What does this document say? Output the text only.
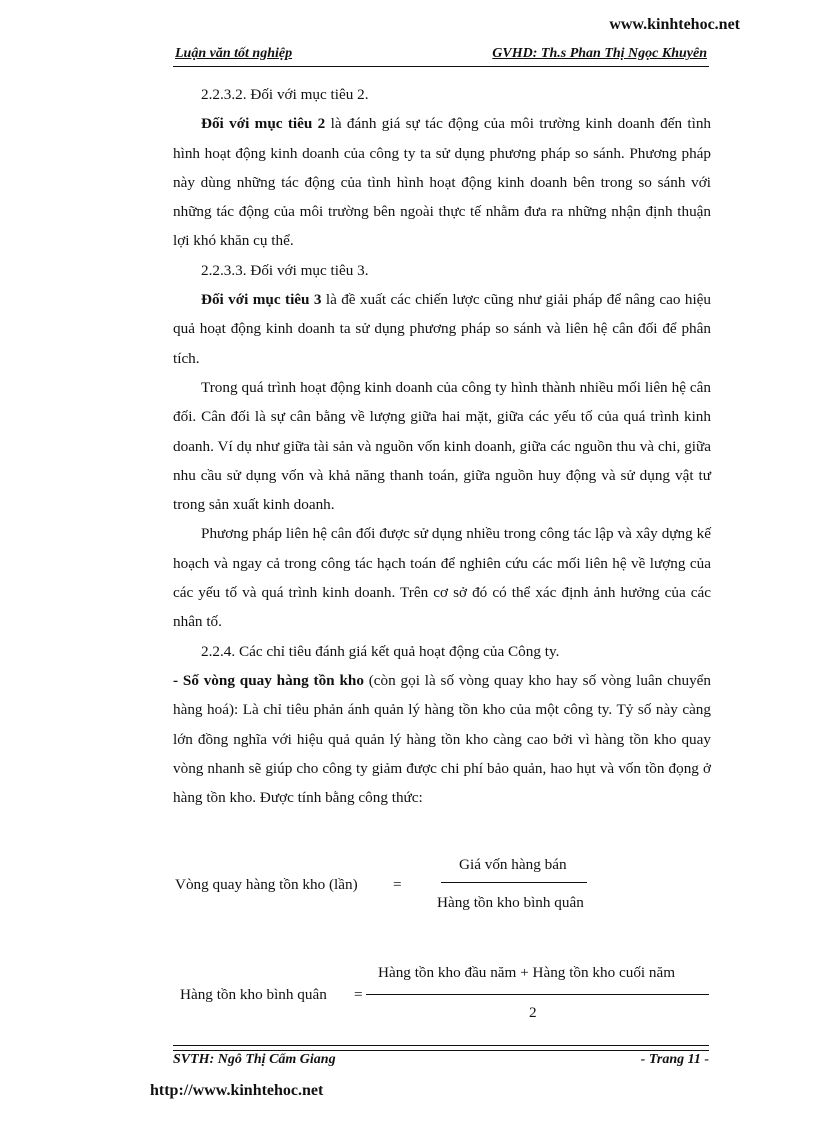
www.kinhtehoc.net
Luận văn tốt nghiệp	GVHD: Th.s Phan Thị Ngọc Khuyên

2.2.3.2. Đối với mục tiêu 2.

Đối với mục tiêu 2 là đánh giá sự tác động của môi trường kinh doanh đến tình hình hoạt động kinh doanh của công ty ta sử dụng phương pháp so sánh. Phương pháp này dùng những tác động của tình hình hoạt động kinh doanh bên trong so sánh với những tác động của môi trường bên ngoài thực tế nhằm đưa ra những nhận định thuận lợi khó khăn cụ thể.

2.2.3.3. Đối với mục tiêu 3.

Đối với mục tiêu 3 là đề xuất các chiến lược cũng như giải pháp để nâng cao hiệu quả hoạt động kinh doanh ta sử dụng phương pháp so sánh và liên hệ cân đối để phân tích.

Trong quá trình hoạt động kinh doanh của công ty hình thành nhiều mối liên hệ cân đối. Cân đối là sự cân bằng về lượng giữa hai mặt, giữa các yếu tố của quá trình kinh doanh. Ví dụ như giữa tài sản và nguồn vốn kinh doanh, giữa các nguồn thu và chi, giữa nhu cầu sử dụng vốn và khả năng thanh toán, giữa nguồn huy động và sử dụng vật tư trong sản xuất kinh doanh.

Phương pháp liên hệ cân đối được sử dụng nhiều trong công tác lập và xây dựng kế hoạch và ngay cả trong công tác hạch toán để nghiên cứu các mối liên hệ về lượng của các yếu tố và quá trình kinh doanh. Trên cơ sở đó có thể xác định ảnh hưởng của các nhân tố.

2.2.4. Các chỉ tiêu đánh giá kết quả hoạt động của Công ty.

- Số vòng quay hàng tồn kho (còn gọi là số vòng quay kho hay số vòng luân chuyển hàng hoá): Là chỉ tiêu phản ánh quản lý hàng tồn kho của một công ty. Tỷ số này càng lớn đồng nghĩa với hiệu quả quản lý hàng tồn kho càng cao bởi vì hàng tồn kho quay vòng nhanh sẽ giúp cho công ty giảm được chi phí bảo quản, hao hụt và vốn tồn đọng ở hàng tồn kho. Được tính bằng công thức:

Vòng quay hàng tồn kho (lần) =
Giá vốn hàng bán
Hàng tồn kho bình quân
Hàng tồn kho bình quân =
Hàng tồn kho đầu năm + Hàng tồn kho cuối năm
2
SVTH: Ngô Thị Cẩm Giang	- Trang 11 -
http://www.kinhtehoc.net
